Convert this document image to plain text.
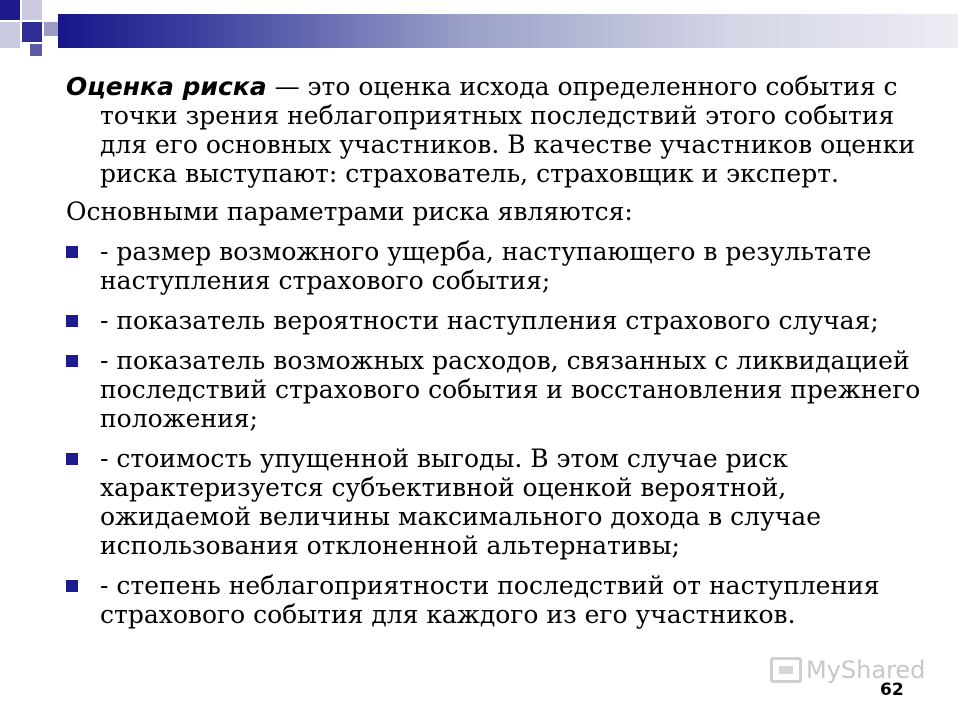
Оценка риска — это оценка исхода определенного события с точки зрения неблагоприятных последствий этого события для его основных участников. В качестве участников оценки риска выступают: страхователь, страховщик и эксперт.

Основными параметрами риска являются:

- размер возможного ущерба, наступающего в результате наступления страхового события;
- показатель вероятности наступления страхового случая;
- показатель возможных расходов, связанных с ликвидацией последствий страхового события и восстановления прежнего положения;
- стоимость упущенной выгоды. В этом случае риск характеризуется субъективной оценкой вероятной, ожидаемой величины максимального дохода в случае использования отклоненной альтернативы;
- степень неблагоприятности последствий от наступления страхового события для каждого из его участников.
MyShared
62
